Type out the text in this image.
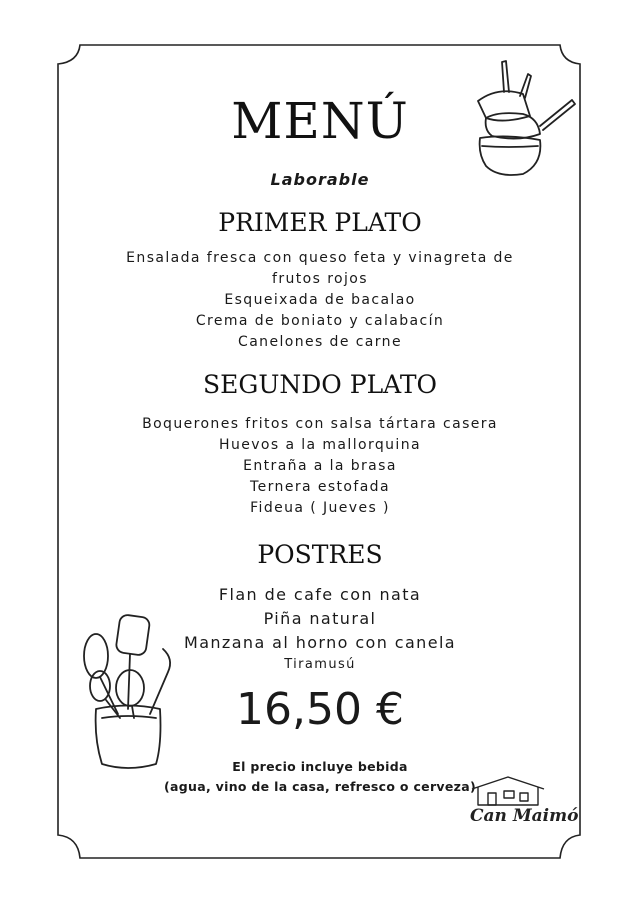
MENÚ
Laborable
PRIMER PLATO
Ensalada fresca con queso feta y vinagreta de
frutos rojos
Esqueixada de bacalao
Crema de boniato y calabacín
Canelones de carne
SEGUNDO PLATO
Boquerones fritos con salsa tártara casera
Huevos a la mallorquina
Entraña a la brasa
Ternera estofada
Fideua ( Jueves )
POSTRES
Flan de cafe con nata
Piña natural
Manzana al horno con canela
Tiramusú
16,50 €
El precio incluye bebida
(agua, vino de la casa, refresco o cerveza)
Can Maimó
